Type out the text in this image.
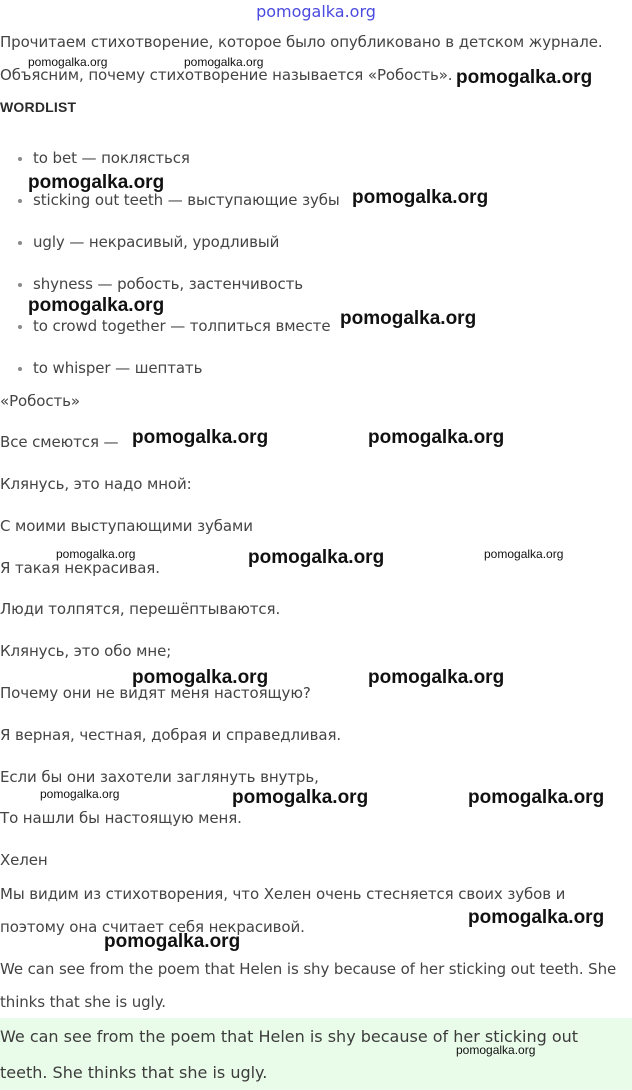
pomogalka.org
Прочитаем стихотворение, которое было опубликовано в детском журнале.
Объясним, почему стихотворение называется «Робость».
WORDLIST
to bet — поклясться
sticking out teeth — выступающие зубы
ugly — некрасивый, уродливый
shyness — робость, застенчивость
to crowd together — толпиться вместе
to whisper — шептать
«Робость»
Все смеются —
Клянусь, это надо мной:
С моими выступающими зубами
Я такая некрасивая.
Люди толпятся, перешёптываются.
Клянусь, это обо мне;
Почему они не видят меня настоящую?
Я верная, честная, добрая и справедливая.
Если бы они захотели заглянуть внутрь,
То нашли бы настоящую меня.
Хелен
Мы видим из стихотворения, что Хелен очень стесняется своих зубов и
поэтому она считает себя некрасивой.
We can see from the poem that Helen is shy because of her sticking out teeth. She
thinks that she is ugly.
We can see from the poem that Helen is shy because of her sticking out
teeth. She thinks that she is ugly.
pomogalka.org	pomogalka.org
pomogalka.org
pomogalka.org
pomogalka.org
pomogalka.org
pomogalka.org
pomogalka.org	pomogalka.org
pomogalka.org	pomogalka.org	pomogalka.org
pomogalka.org	pomogalka.org
pomogalka.org	pomogalka.org	pomogalka.org
pomogalka.org
pomogalka.org
pomogalka.org
